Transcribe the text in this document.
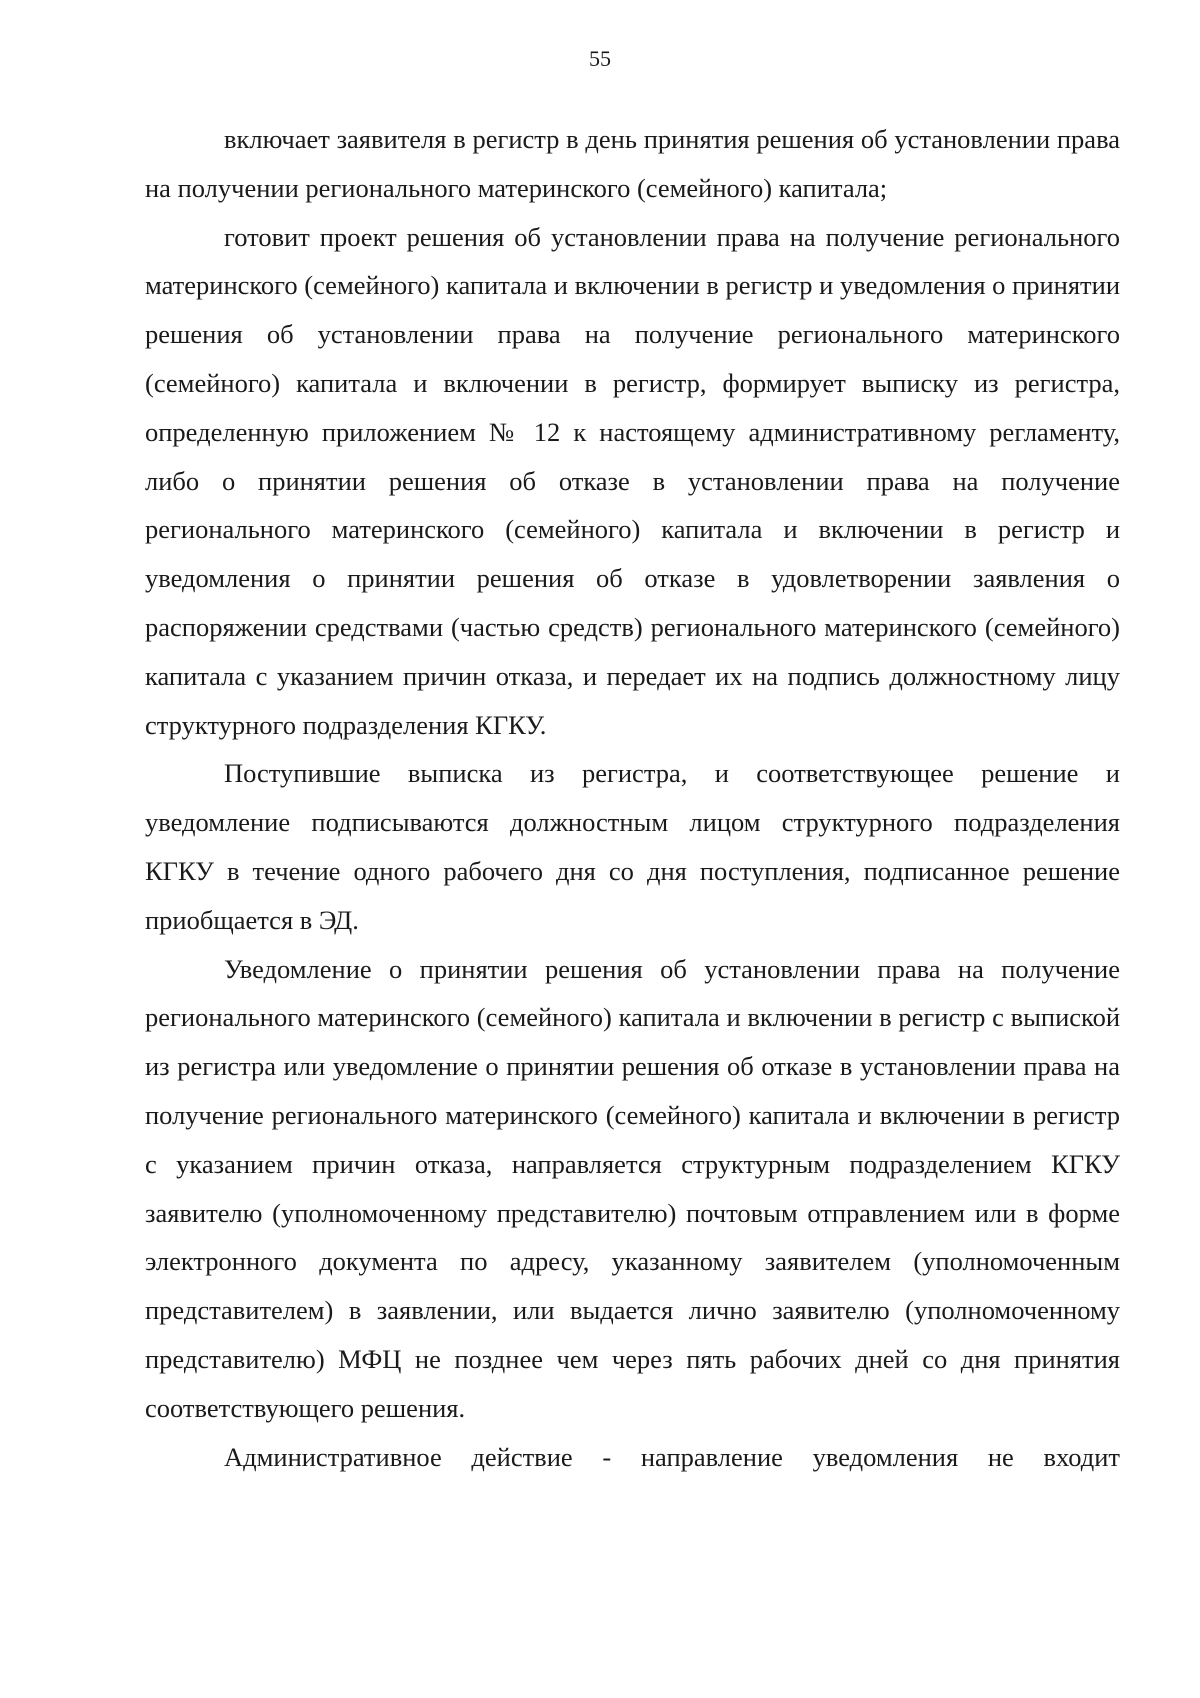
55

включает заявителя в регистр в день принятия решения об установлении права на получении регионального материнского (семейного) капитала;

готовит проект решения об установлении права на получение регионального материнского (семейного) капитала и включении в регистр и уведомления о принятии решения об установлении права на получение регионального материнского (семейного) капитала и включении в регистр, формирует выписку из регистра, определенную приложением № 12 к настоящему административному регламенту, либо о принятии решения об отказе в установлении права на получение регионального материнского (семейного) капитала и включении в регистр и уведомления о принятии решения об отказе в удовлетворении заявления о распоряжении средствами (частью средств) регионального материнского (семейного) капитала с указанием причин отказа, и передает их на подпись должностному лицу структурного подразделения КГКУ.

Поступившие выписка из регистра, и соответствующее решение и уведомление подписываются должностным лицом структурного подразделения КГКУ в течение одного рабочего дня со дня поступления, подписанное решение приобщается в ЭД.

Уведомление о принятии решения об установлении права на получение регионального материнского (семейного) капитала и включении в регистр с выпиской из регистра или уведомление о принятии решения об отказе в установлении права на получение регионального материнского (семейного) капитала и включении в регистр с указанием причин отказа, направляется структурным подразделением КГКУ заявителю (уполномоченному представителю) почтовым отправлением или в форме электронного документа по адресу, указанному заявителем (уполномоченным представителем) в заявлении, или выдается лично заявителю (уполномоченному представителю) МФЦ не позднее чем через пять рабочих дней со дня принятия соответствующего решения.

Административное действие - направление уведомления не входит
